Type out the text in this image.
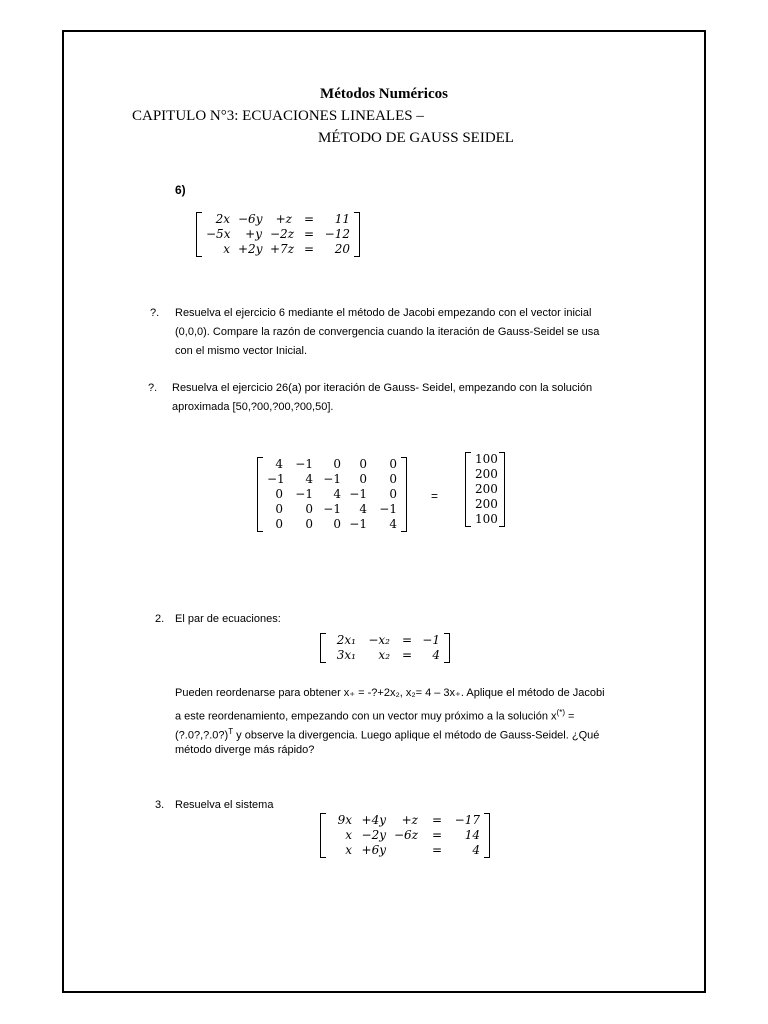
Métodos Numéricos
CAPITULO N°3: ECUACIONES LINEALES –
MÉTODO DE GAUSS SEIDEL
6)
2x −6y	+z =	11
−5x	+y −2z = −12
x +2y +7z =	20
?. Resuelva el ejercicio 6 mediante el método de Jacobi empezando con el vector inicial
(0,0,0). Compare la razón de convergencia cuando la iteración de Gauss-Seidel se usa
con el mismo vector Inicial.
?. Resuelva el ejercicio 26(a) por iteración de Gauss- Seidel, empezando con la solución
aproximada [50,?00,?00,?00,50].
4	−1	0	0	0
−1	4 −1	0	0
0	−1	4 −1	0
0	0 −1	4	−1
0	0	0 −1	4
=
100
200
200
200
100
2. El par de ecuaciones:
2x₁	−x₂ = −1
3x₁	x₂ =	4
Pueden reordenarse para obtener x₊ = -?+2x₂, x₂= 4 – 3x₊. Aplique el método de Jacobi
a este reordenamiento, empezando con un vector muy próximo a la solución x(*) =
(?.0?,?.0?)$^T$ y observe la divergencia. Luego aplique el método de Gauss-Seidel. ¿Qué
método diverge más rápido?
3. Resuelva el sistema
9x +4y	+z	=	−17
x −2y −6z	=	14
x +6y	=	4
